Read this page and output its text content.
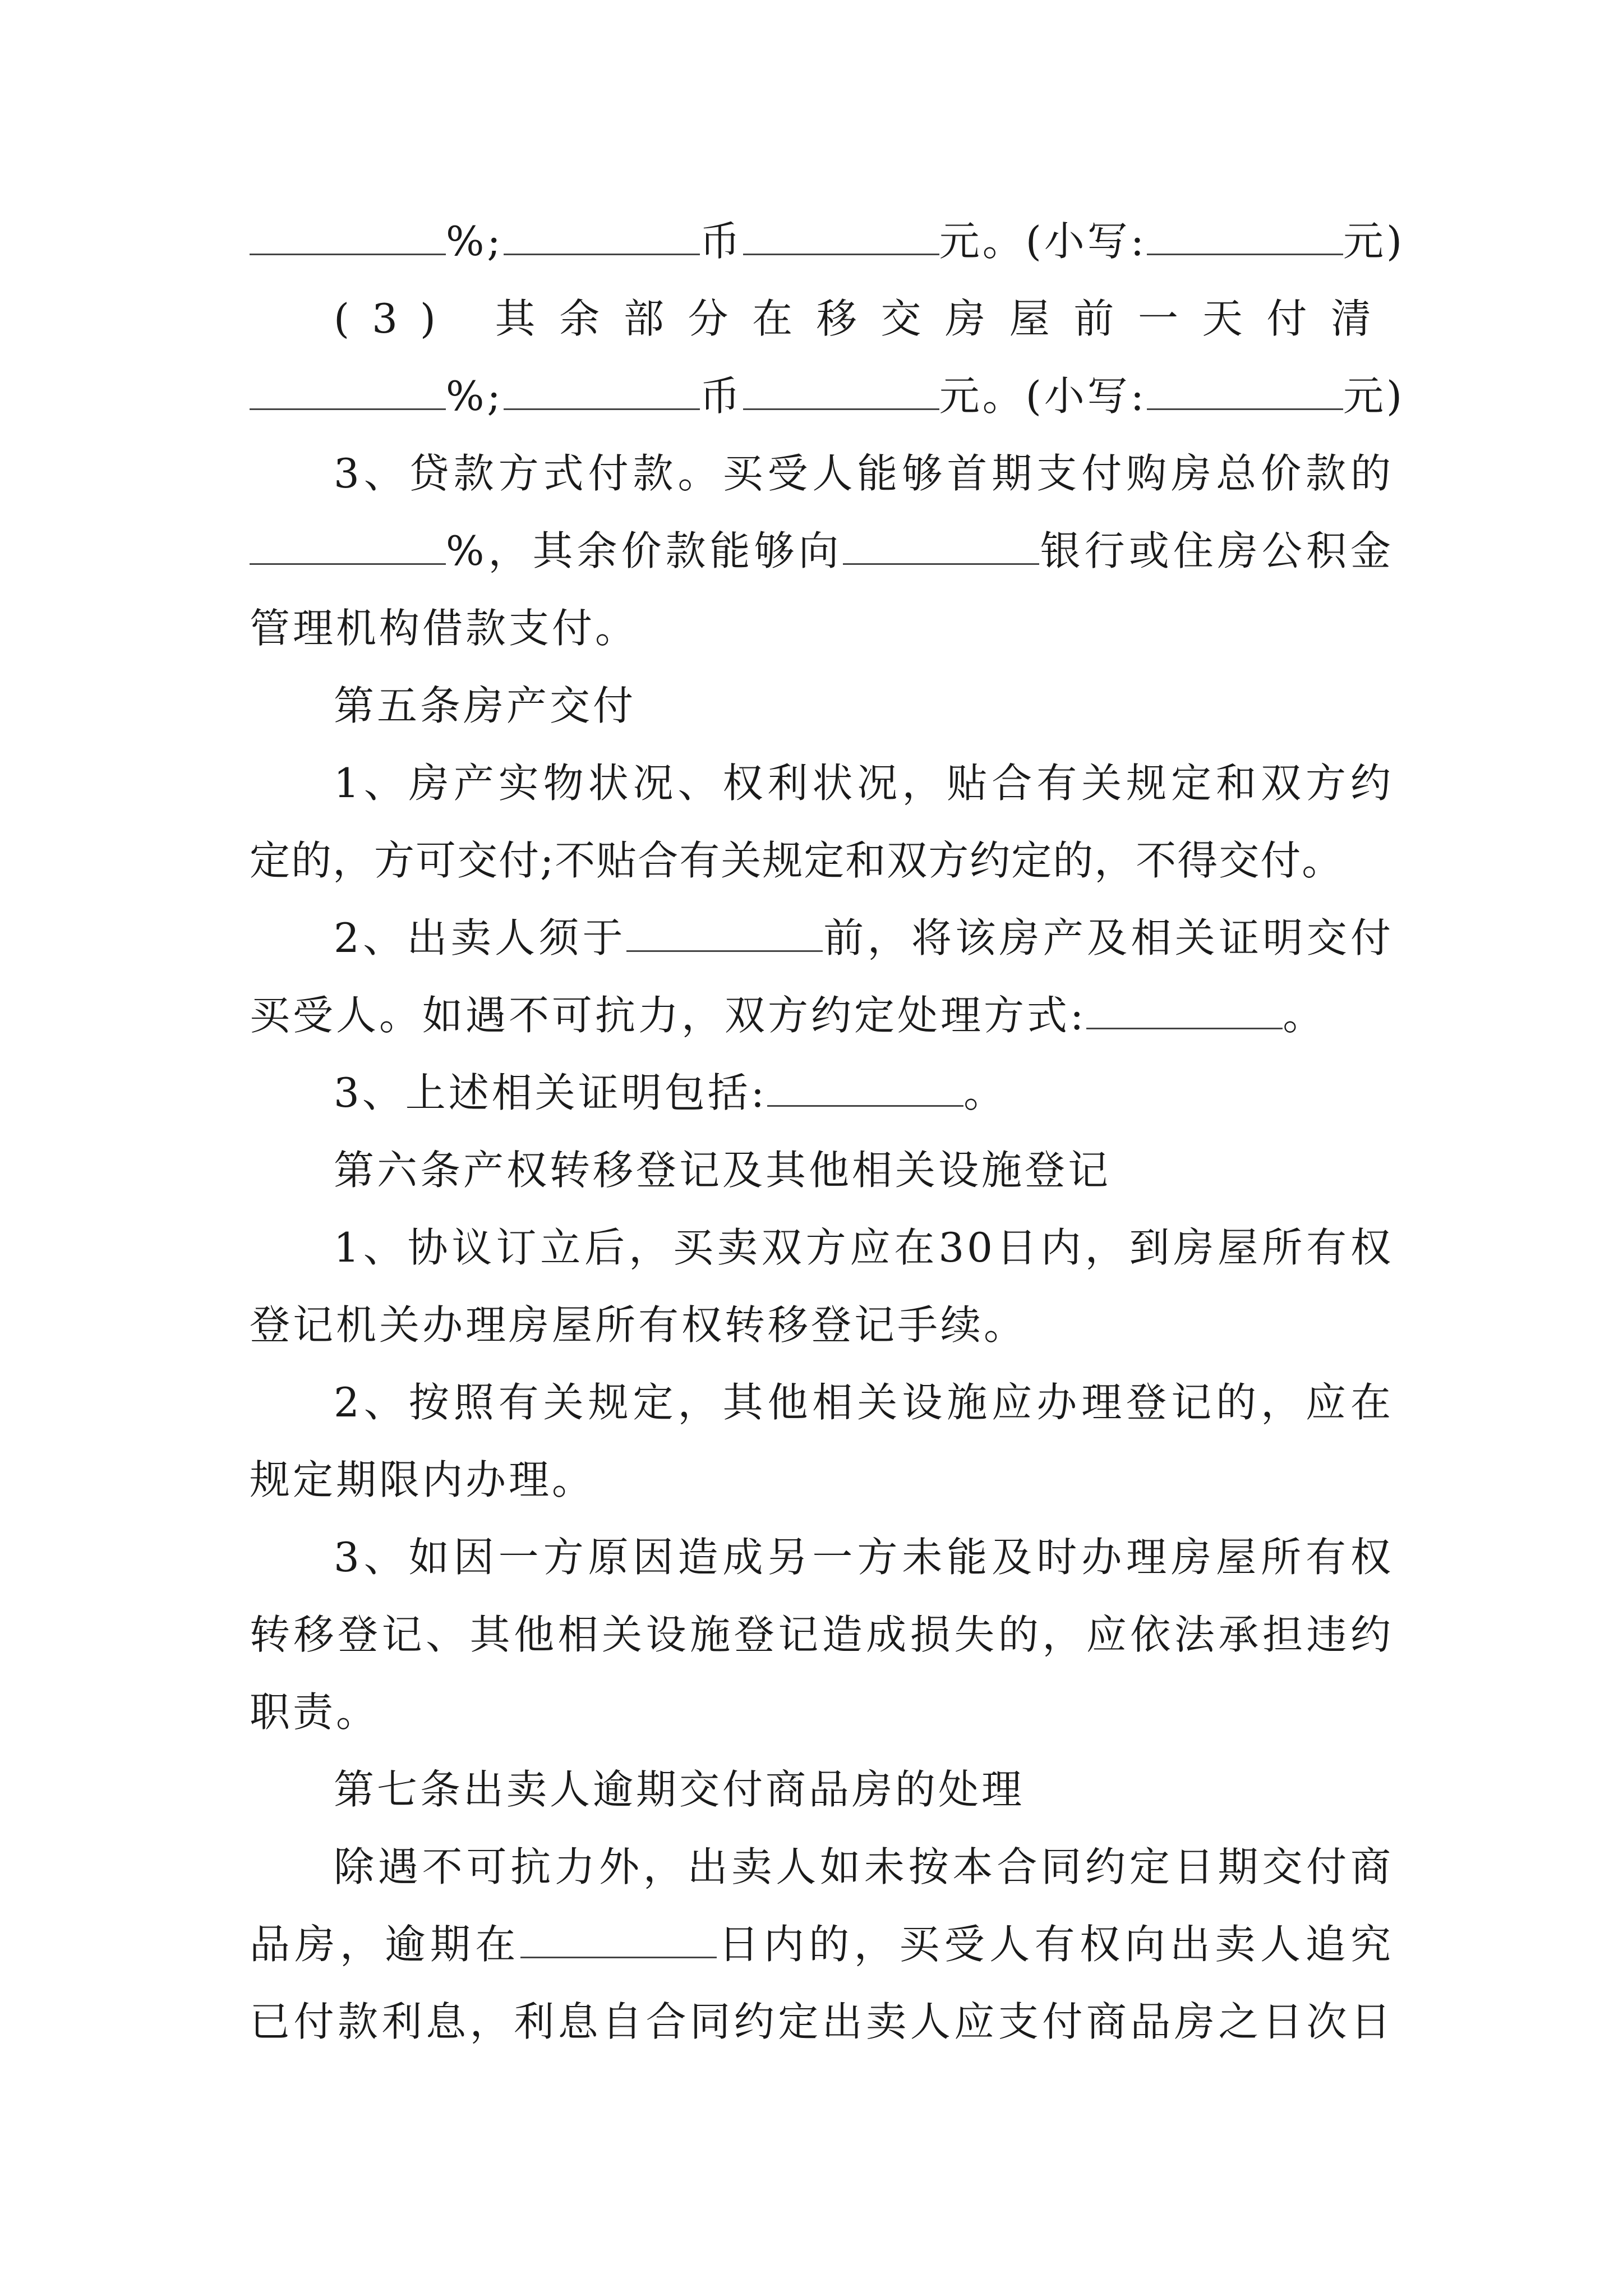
%;	币	元。(小写:	元)
(3) 其余部分在移交房屋前一天付清
%;	币	元。(小写:	元)
3、贷款方式付款。买受人能够首期支付购房总价款的
%，其余价款能够向	银行或住房公积金
管理机构借款支付。
第五条房产交付
1、房产实物状况、权利状况，贴合有关规定和双方约
定的，方可交付;不贴合有关规定和双方约定的，不得交付。
2、出卖人须于	前，将该房产及相关证明交付
买受人。如遇不可抗力，双方约定处理方式:	。
3、上述相关证明包括:	。
第六条产权转移登记及其他相关设施登记
1、协议订立后，买卖双方应在30日内，到房屋所有权
登记机关办理房屋所有权转移登记手续。
2、按照有关规定，其他相关设施应办理登记的，应在
规定期限内办理。
3、如因一方原因造成另一方未能及时办理房屋所有权
转移登记、其他相关设施登记造成损失的，应依法承担违约
职责。
第七条出卖人逾期交付商品房的处理
除遇不可抗力外，出卖人如未按本合同约定日期交付商
品房，逾期在	日内的，买受人有权向出卖人追究
已付款利息，利息自合同约定出卖人应支付商品房之日次日
